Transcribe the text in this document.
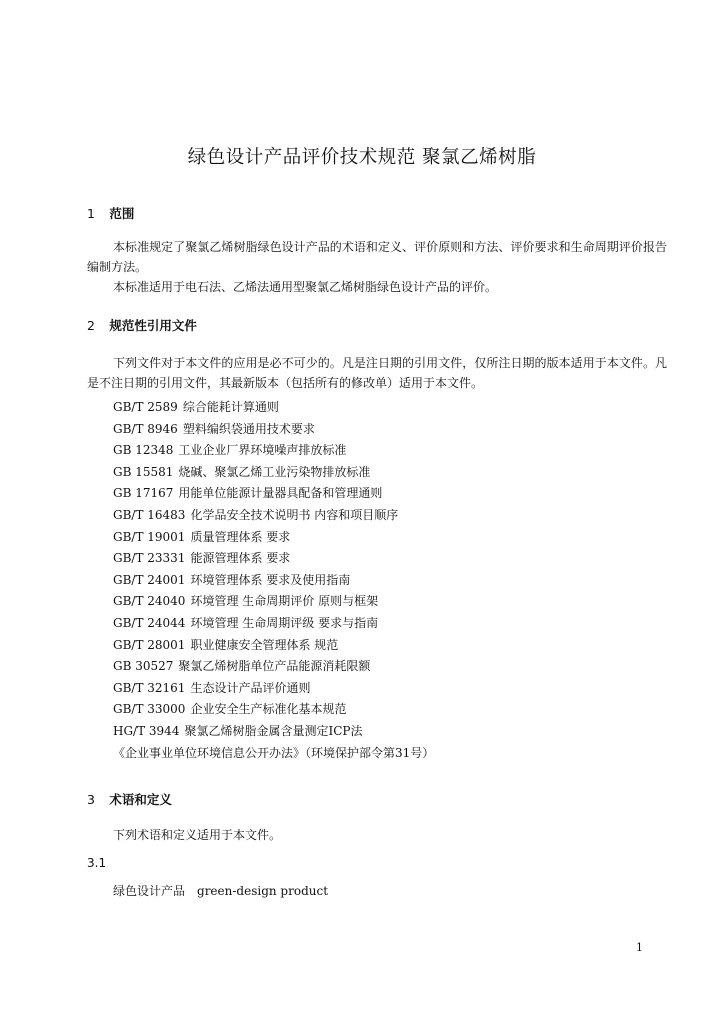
绿色设计产品评价技术规范 聚氯乙烯树脂
1 范围
本标准规定了聚氯乙烯树脂绿色设计产品的术语和定义、评价原则和方法、评价要求和生命周期评价报告编制方法。
本标准适用于电石法、乙烯法通用型聚氯乙烯树脂绿色设计产品的评价。
2 规范性引用文件
下列文件对于本文件的应用是必不可少的。凡是注日期的引用文件，仅所注日期的版本适用于本文件。凡是不注日期的引用文件，其最新版本（包括所有的修改单）适用于本文件。
GB/T 2589 综合能耗计算通则
GB/T 8946 塑料编织袋通用技术要求
GB 12348 工业企业厂界环境噪声排放标准
GB 15581 烧碱、聚氯乙烯工业污染物排放标准
GB 17167 用能单位能源计量器具配备和管理通则
GB/T 16483 化学品安全技术说明书 内容和项目顺序
GB/T 19001 质量管理体系 要求
GB/T 23331 能源管理体系 要求
GB/T 24001 环境管理体系 要求及使用指南
GB/T 24040 环境管理 生命周期评价 原则与框架
GB/T 24044 环境管理 生命周期评级 要求与指南
GB/T 28001 职业健康安全管理体系 规范
GB 30527 聚氯乙烯树脂单位产品能源消耗限额
GB/T 32161 生态设计产品评价通则
GB/T 33000 企业安全生产标准化基本规范
HG/T 3944 聚氯乙烯树脂金属含量测定ICP法
《企业事业单位环境信息公开办法》（环境保护部令第31号）
3 术语和定义
下列术语和定义适用于本文件。
3.1
绿色设计产品 green-design product
1
